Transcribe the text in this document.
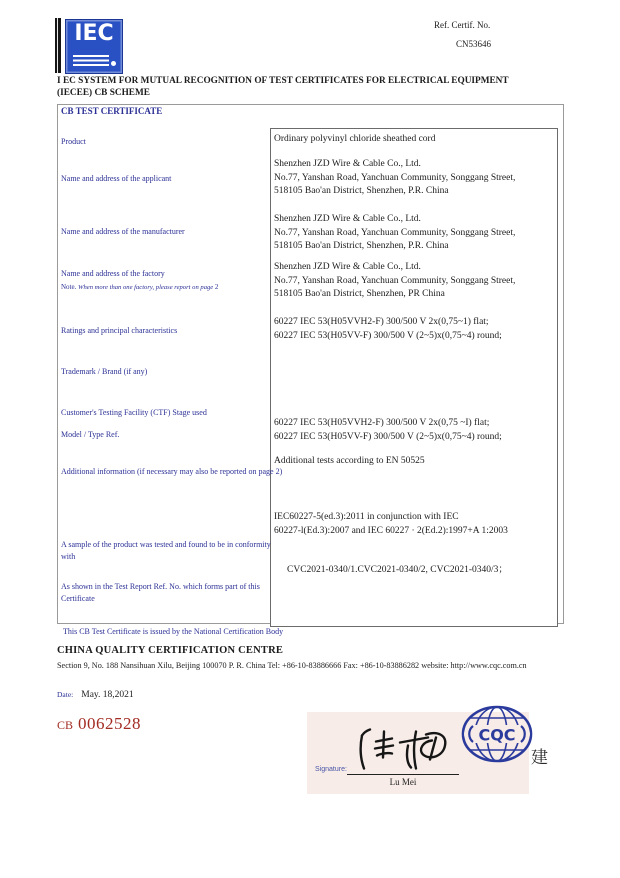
IEC	Ref. Certif. No.
CN53646
I EC SYSTEM FOR MUTUAL RECOGNITION OF TEST CERTIFICATES FOR ELECTRICAL EQUIPMENT
(IECEE) CB SCHEME
CB TEST CERTIFICATE
Product	Ordinary polyvinyl chloride sheathed cord
Name and address of the applicant
Shenzhen JZD Wire & Cable Co., Ltd.
No.77, Yanshan Road, Yanchuan Community, Songgang Street,
518105 Bao'an District, Shenzhen, P.R. China
Name and address of the manufacturer
Shenzhen JZD Wire & Cable Co., Ltd.
No.77, Yanshan Road, Yanchuan Community, Songgang Street,
518105 Bao'an District, Shenzhen, P.R. China
Name and address of the factory
Note. When more than one factory, please report on page 2
Shenzhen JZD Wire & Cable Co., Ltd.
No.77, Yanshan Road, Yanchuan Community, Songgang Street,
518105 Bao'an District, Shenzhen, PR China
Ratings and principal characteristics
60227 IEC 53(H05VVH2-F) 300/500 V 2x(0,75~1) flat;
60227 IEC 53(H05VV-F) 300/500 V (2~5)x(0,75~4) round;
Trademark / Brand (if any)
Customer's Testing Facility (CTF) Stage used
Model / Type Ref.
60227 IEC 53(H05VVH2-F) 300/500 V 2x(0,75 ~I) flat;
60227 IEC 53(H05VV-F) 300/500 V (2~5)x(0,75~4) round;
Additional information (if necessary may also be reported on page 2)
Additional tests according to EN 50525
A sample of the product was tested and found to be in conformity with
IEC60227-5(ed.3):2011 in conjunction with IEC
60227-l(Ed.3):2007 and IEC 60227 · 2(Ed.2):1997+A 1:2003
As shown in the Test Report Ref. No. which forms part of this Certificate
CVC2021-0340/1.CVC2021-0340/2, CVC2021-0340/3；
This CB Test Certificate is issued by the National Certification Body
CHINA QUALITY CERTIFICATION CENTRE
Section 9, No. 188 Nansihuan Xilu, Beijing 100070 P. R. China Tel: +86-10-83886666 Fax: +86-10-83886282 website: http://www.cqc.com.cn
Date: May. 18,2021
CB 0062528
CQC
Signature:
Lu Mei
建
